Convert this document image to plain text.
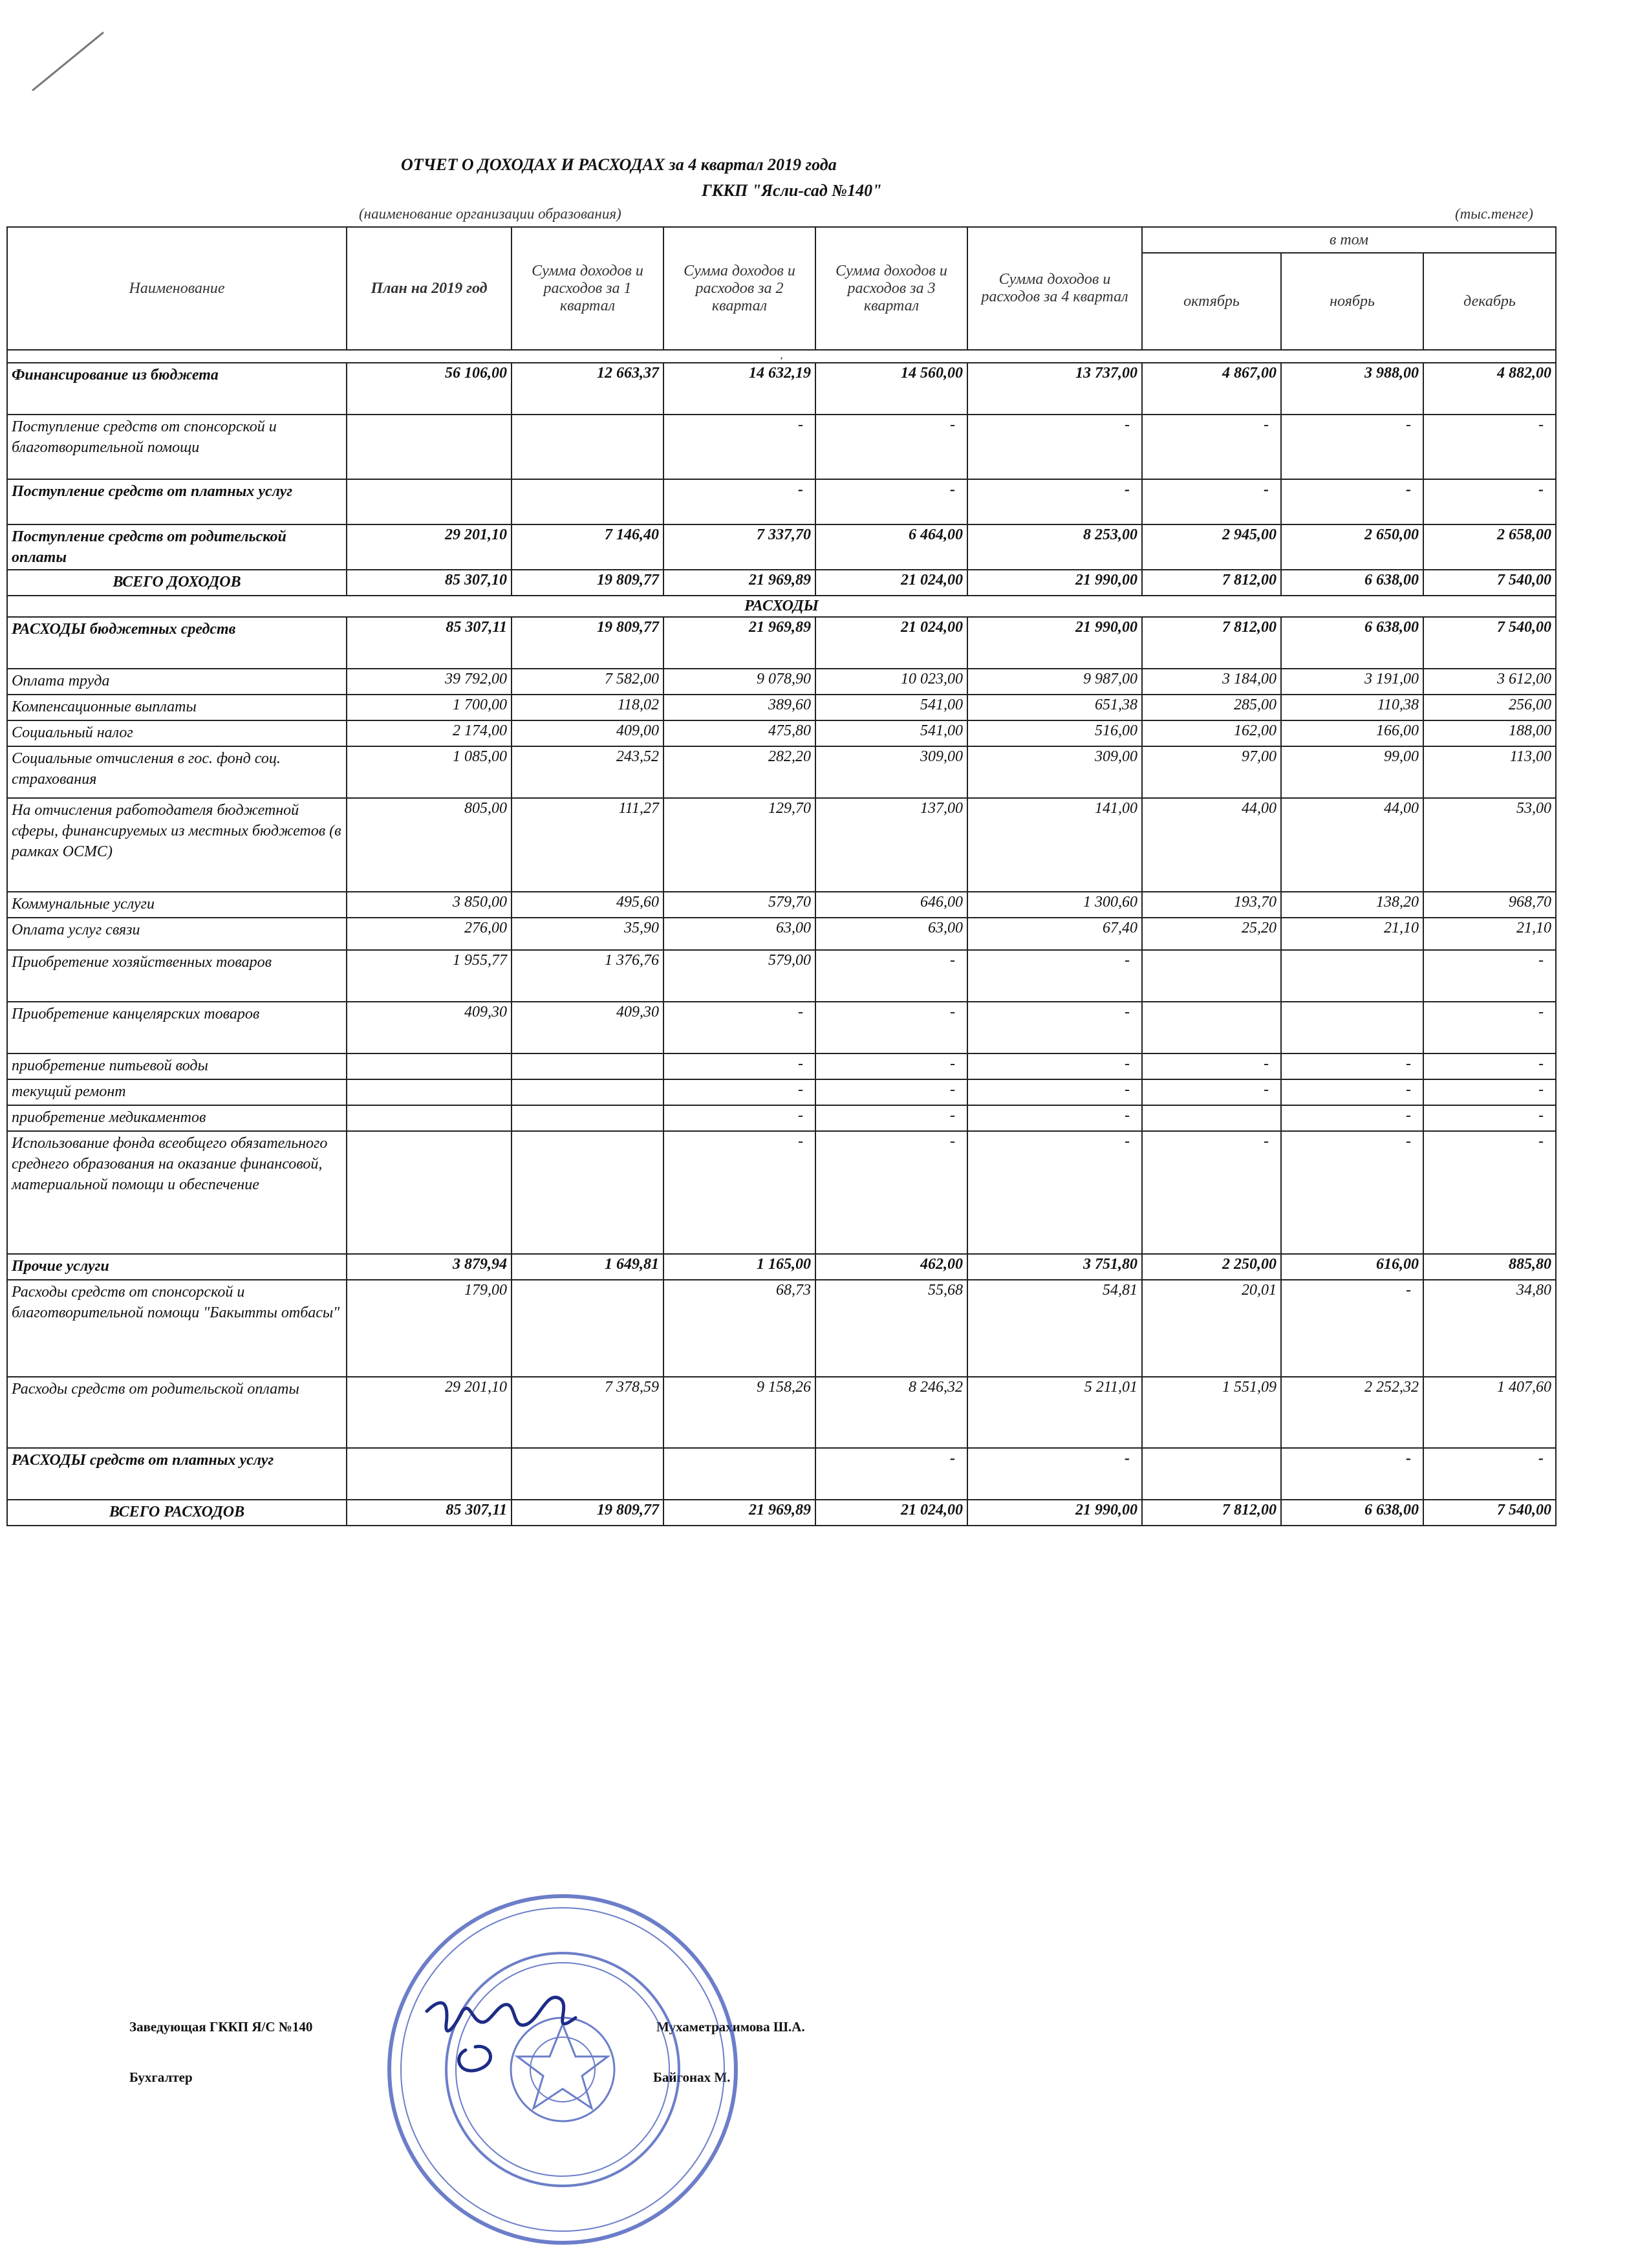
ОТЧЕТ О ДОХОДАХ И РАСХОДАХ за 4 квартал 2019 года
ГККП "Ясли-сад №140"
(наименование организации образования)	(тыс.тенге)
Наименование	План на 2019 год	Сумма доходов и расходов за 1 квартал	Сумма доходов и расходов за 2 квартал	Сумма доходов и расходов за 3 квартал	Сумма доходов и расходов за 4 квартал	в том		
						октябрь	ноябрь	декабрь
,								
Финансирование из бюджета	56 106,00	12 663,37	14 632,19	14 560,00	13 737,00	4 867,00	3 988,00	4 882,00
Поступление средств от спонсорской и благотворительной помощи			-	-	-	-	-	-
Поступление средств от платных услуг			-	-	-	-	-	-
Поступление средств от родительской оплаты	29 201,10	7 146,40	7 337,70	6 464,00	8 253,00	2 945,00	2 650,00	2 658,00
ВСЕГО ДОХОДОВ	85 307,10	19 809,77	21 969,89	21 024,00	21 990,00	7 812,00	6 638,00	7 540,00
РАСХОДЫ								
РАСХОДЫ бюджетных средств	85 307,11	19 809,77	21 969,89	21 024,00	21 990,00	7 812,00	6 638,00	7 540,00
Оплата труда	39 792,00	7 582,00	9 078,90	10 023,00	9 987,00	3 184,00	3 191,00	3 612,00
Компенсационные выплаты	1 700,00	118,02	389,60	541,00	651,38	285,00	110,38	256,00
Социальный налог	2 174,00	409,00	475,80	541,00	516,00	162,00	166,00	188,00
Социальные отчисления в гос. фонд соц. страхования	1 085,00	243,52	282,20	309,00	309,00	97,00	99,00	113,00
На отчисления работодателя бюджетной сферы, финансируемых из местных бюджетов (в рамках ОСМС)	805,00	111,27	129,70	137,00	141,00	44,00	44,00	53,00
Коммунальные услуги	3 850,00	495,60	579,70	646,00	1 300,60	193,70	138,20	968,70
Оплата услуг связи	276,00	35,90	63,00	63,00	67,40	25,20	21,10	21,10
Приобретение хозяйственных товаров	1 955,77	1 376,76	579,00	-	-			-
Приобретение канцелярских товаров	409,30	409,30	-	-	-			-
приобретение питьевой воды			-	-	-	-	-	-
текущий ремонт			-	-	-	-	-	-
приобретение медикаментов			-	-	-		-	-
Использование фонда всеобщего обязательного среднего образования на оказание финансовой, материальной помощи и обеспечение			-	-	-	-	-	-
Прочие услуги	3 879,94	1 649,81	1 165,00	462,00	3 751,80	2 250,00	616,00	885,80
Расходы средств от спонсорской и благотворительной помощи "Бакытты отбасы"	179,00		68,73	55,68	54,81	20,01	-	34,80
Расходы средств от родительской оплаты	29 201,10	7 378,59	9 158,26	8 246,32	5 211,01	1 551,09	2 252,32	1 407,60
РАСХОДЫ средств от платных услуг				-	-		-	-
ВСЕГО РАСХОДОВ	85 307,11	19 809,77	21 969,89	21 024,00	21 990,00	7 812,00	6 638,00	7 540,00
Заведующая ГККП Я/С №140	Мухаметрахимова Ш.А.
Бухгалтер	Байгонах М.
